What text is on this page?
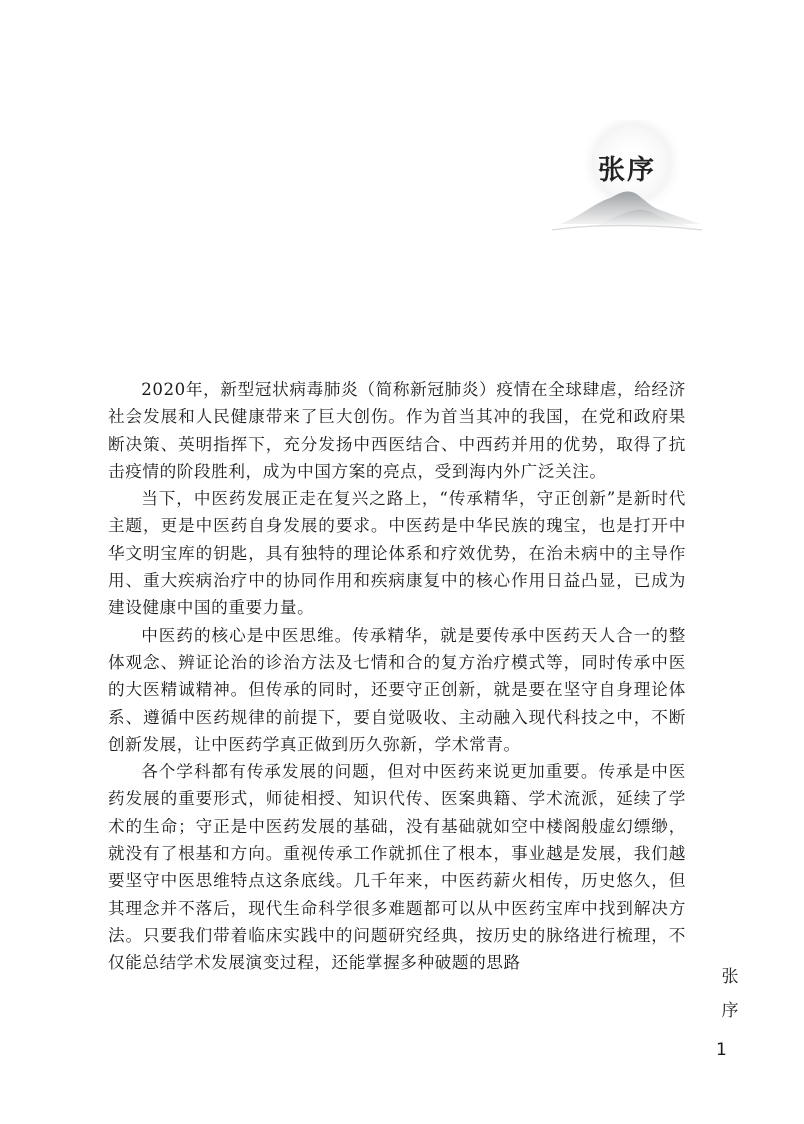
张序

2020年，新型冠状病毒肺炎（简称新冠肺炎）疫情在全球肆虐，给经济社会发展和人民健康带来了巨大创伤。作为首当其冲的我国，在党和政府果断决策、英明指挥下，充分发扬中西医结合、中西药并用的优势，取得了抗击疫情的阶段胜利，成为中国方案的亮点，受到海内外广泛关注。

当下，中医药发展正走在复兴之路上，“传承精华，守正创新”是新时代主题，更是中医药自身发展的要求。中医药是中华民族的瑰宝，也是打开中华文明宝库的钥匙，具有独特的理论体系和疗效优势，在治未病中的主导作用、重大疾病治疗中的协同作用和疾病康复中的核心作用日益凸显，已成为建设健康中国的重要力量。

中医药的核心是中医思维。传承精华，就是要传承中医药天人合一的整体观念、辨证论治的诊治方法及七情和合的复方治疗模式等，同时传承中医的大医精诚精神。但传承的同时，还要守正创新，就是要在坚守自身理论体系、遵循中医药规律的前提下，要自觉吸收、主动融入现代科技之中，不断创新发展，让中医药学真正做到历久弥新，学术常青。

各个学科都有传承发展的问题，但对中医药来说更加重要。传承是中医药发展的重要形式，师徒相授、知识代传、医案典籍、学术流派，延续了学术的生命；守正是中医药发展的基础，没有基础就如空中楼阁般虚幻缥缈，就没有了根基和方向。重视传承工作就抓住了根本，事业越是发展，我们越要坚守中医思维特点这条底线。几千年来，中医药薪火相传，历史悠久，但其理念并不落后，现代生命科学很多难题都可以从中医药宝库中找到解决方法。只要我们带着临床实践中的问题研究经典，按历史的脉络进行梳理，不仅能总结学术发展演变过程，还能掌握多种破题的思路

张
序
1
